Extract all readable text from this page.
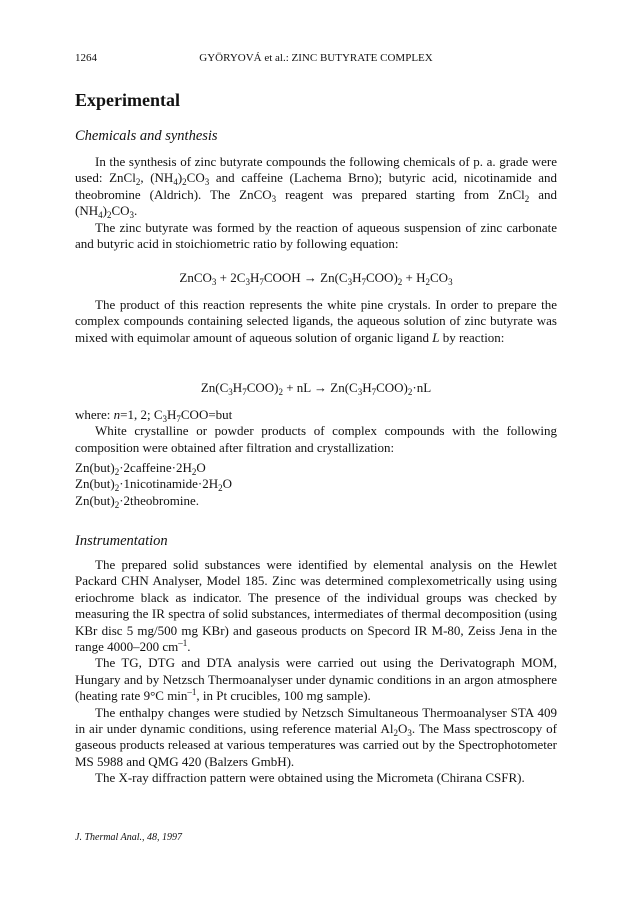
1264	GYÖRYOVÁ et al.: ZINC BUTYRATE COMPLEX
Experimental
Chemicals and synthesis

In the synthesis of zinc butyrate compounds the following chemicals of p. a. grade were used: ZnCl$_2$, $(NH_4)_2CO_3$ and caffeine (Lachema Brno); butyric acid, nicotinamide and theobromine (Aldrich). The ZnCO$_3$ reagent was prepared starting from ZnCl$_2$ and $(NH_4)_2CO_3$.

The zinc butyrate was formed by the reaction of aqueous suspension of zinc carbonate and butyric acid in stoichiometric ratio by following equation:

ZnCO$_3$ + $2C_3H_7COOH \to Zn(C_3H_7COO)_2 + H_2CO_3$

The product of this reaction represents the white pine crystals. In order to prepare the complex compounds containing selected ligands, the aqueous solution of zinc butyrate was mixed with equimolar amount of aqueous solution of organic ligand L by reaction:

$Zn(C_3H_7COO)_2$ + nL → $Zn(C_3H_7COO)_2\cdot nL$
where: n=1, 2; $C_3H_7COO=but$

White crystalline or powder products of complex compounds with the following composition were obtained after filtration and crystallization:

$Zn(but)_2\cdot 2caffeine\cdot 2H_2O$
$Zn(but)_2\cdot 1nicotinamide\cdot 2H_2O$
$Zn(but)_2\cdot 2theobromine$.
Instrumentation

The prepared solid substances were identified by elemental analysis on the Hewlet Packard CHN Analyser, Model 185. Zinc was determined complexometrically using using eriochrome black as indicator. The presence of the individual groups was checked by measuring the IR spectra of solid substances, intermediates of thermal decomposition (using KBr disc 5 mg/500 mg KBr) and gaseous products on Specord IR M-80, Zeiss Jena in the range 4000–200 $cm^{-1}$.

The TG, DTG and DTA analysis were carried out using the Derivatograph MOM, Hungary and by Netzsch Thermoanalyser under dynamic conditions in an argon atmosphere (heating rate 9°C $\min^{-1}$, in Pt crucibles, 100 mg sample).

The enthalpy changes were studied by Netzsch Simultaneous Thermoanalyser STA 409 in air under dynamic conditions, using reference material $Al_2O_3$. The Mass spectroscopy of gaseous products released at various temperatures was carried out by the Spectrophotometer MS 5988 and QMG 420 (Balzers GmbH).

The X-ray diffraction pattern were obtained using the Micrometa (Chirana CSFR).

J. Thermal Anal., 48, 1997
